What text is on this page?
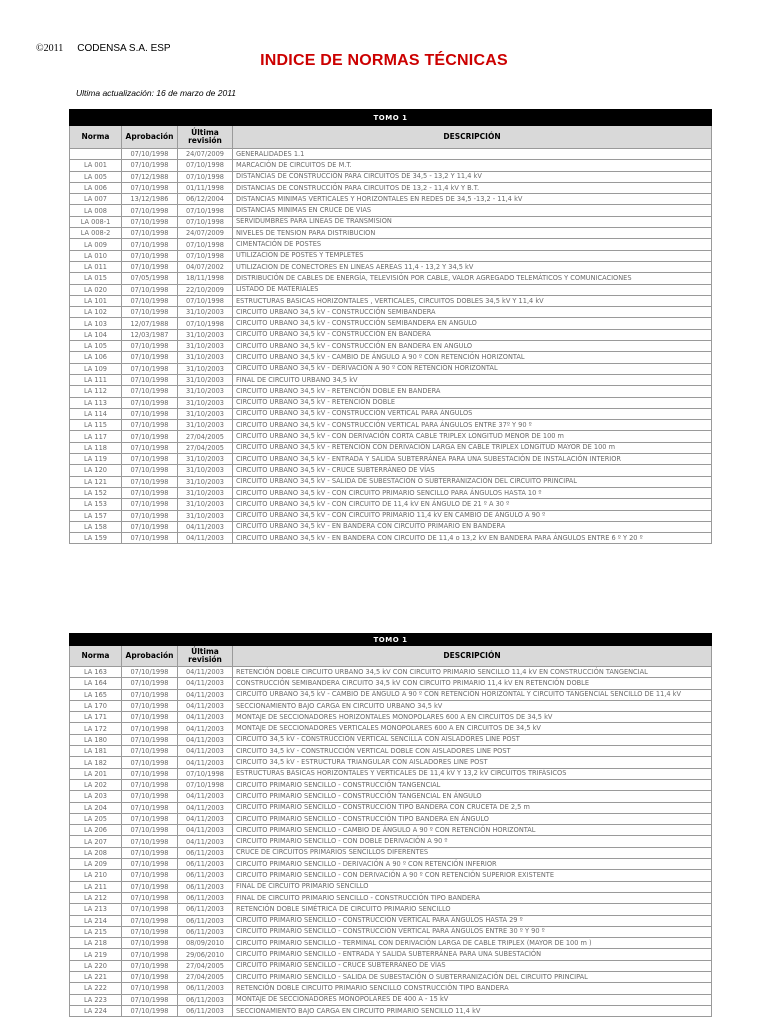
©2011 CODENSA S.A. ESP
INDICE DE NORMAS TÉCNICAS
Ultima actualización: 16 de marzo de 2011
TOMO 1			
Norma	Aprobación	Última revisión	DESCRIPCIÓN
	07/10/1998	24/07/2009	GENERALIDADES 1.1
LA 001	07/10/1998	07/10/1998	MARCACIÓN DE CIRCUITOS DE M.T.
LA 005	07/12/1988	07/10/1998	DISTANCIAS DE CONSTRUCCIÓN PARA CIRCUITOS DE 34,5 - 13,2 Y 11,4 kV
LA 006	07/10/1998	01/11/1998	DISTANCIAS DE CONSTRUCCIÓN PARA CIRCUITOS DE 13,2 - 11,4 kV Y B.T.
LA 007	13/12/1986	06/12/2004	DISTANCIAS MINIMAS VERTICALES Y HORIZONTALES EN REDES DE 34,5 -13,2 - 11,4 kV
LA 008	07/10/1998	07/10/1998	DISTANCIAS MINIMAS EN CRUCE DE VIAS
LA 008-1	07/10/1998	07/10/1998	SERVIDUMBRES PARA LINEAS DE TRANSMISION
LA 008-2	07/10/1998	24/07/2009	NIVELES DE TENSION PARA DISTRIBUCION
LA 009	07/10/1998	07/10/1998	CIMENTACIÓN DE POSTES
LA 010	07/10/1998	07/10/1998	UTILIZACION DE POSTES Y TEMPLETES
LA 011	07/10/1998	04/07/2002	UTILIZACION DE CONECTORES EN LINEAS AEREAS 11,4 - 13,2 Y 34,5 kV
LA 015	07/05/1998	18/11/1998	DISTRIBUCIÓN DE CABLES DE ENERGÍA, TELEVISIÓN POR CABLE, VALOR AGREGADO TELEMÁTICOS Y COMUNICACIONES
LA 020	07/10/1998	22/10/2009	LISTADO DE MATERIALES
LA 101	07/10/1998	07/10/1998	ESTRUCTURAS BASICAS HORIZONTALES , VERTICALES, CIRCUITOS DOBLES 34,5 kV Y 11,4 kV
LA 102	07/10/1998	31/10/2003	CIRCUITO URBANO 34,5 kV - CONSTRUCCIÓN SEMIBANDERA
LA 103	12/07/1988	07/10/1998	CIRCUITO URBANO 34,5 kV - CONSTRUCCIÓN SEMIBANDERA EN ANGULO
LA 104	12/03/1987	31/10/2003	CIRCUITO URBANO 34,5 kV - CONSTRUCCIÓN EN BANDERA
LA 105	07/10/1998	31/10/2003	CIRCUITO URBANO 34,5 kV - CONSTRUCCIÓN EN BANDERA EN ANGULO
LA 106	07/10/1998	31/10/2003	CIRCUITO URBANO 34,5 kV - CAMBIO DE ÁNGULO A 90 º CON RETENCIÓN HORIZONTAL
LA 109	07/10/1998	31/10/2003	CIRCUITO URBANO 34,5 kV - DERIVACIÓN A 90 º CON RETENCIÓN HORIZONTAL
LA 111	07/10/1998	31/10/2003	FINAL DE CIRCUITO URBANO 34,5 kV
LA 112	07/10/1998	31/10/2003	CIRCUITO URBANO 34,5 kV - RETENCIÓN DOBLE EN BANDERA
LA 113	07/10/1998	31/10/2003	CIRCUITO URBANO 34,5 kV - RETENCIÓN DOBLE
LA 114	07/10/1998	31/10/2003	CIRCUITO URBANO 34,5 kV - CONSTRUCCIÓN VERTICAL PARA ÁNGULOS
LA 115	07/10/1998	31/10/2003	CIRCUITO URBANO 34,5 kV - CONSTRUCCIÓN VERTICAL PARA ÁNGULOS ENTRE 37º Y 90 º
LA 117	07/10/1998	27/04/2005	CIRCUITO URBANO 34,5 kV - CON DERIVACIÓN CORTA CABLE TRIPLEX LONGITUD MENOR DE 100 m
LA 118	07/10/1998	27/04/2005	CIRCUITO URBANO 34,5 kV - RETENCIÓN CON DERIVACIÓN LARGA EN CABLE TRIPLEX LONGITUD MAYOR DE 100 m
LA 119	07/10/1998	31/10/2003	CIRCUITO URBANO 34,5 kV - ENTRADA Y SALIDA SUBTERRÁNEA PARA UNA SUBESTACIÓN DE INSTALACIÓN INTERIOR
LA 120	07/10/1998	31/10/2003	CIRCUITO URBANO 34,5 kV - CRUCE SUBTERRÁNEO DE VÍAS
LA 121	07/10/1998	31/10/2003	CIRCUITO URBANO 34,5 kV - SALIDA DE SUBESTACIÓN O SUBTERRANIZACIÓN DEL CIRCUITO PRINCIPAL
LA 152	07/10/1998	31/10/2003	CIRCUITO URBANO 34,5 kV - CON CIRCUITO PRIMARIO SENCILLO PARA ÁNGULOS HASTA 10 º
LA 153	07/10/1998	31/10/2003	CIRCUITO URBANO 34,5 kV - CON CIRCUITO DE 11,4 kV EN ÁNGULO DE 21 º A 30 º
LA 157	07/10/1998	31/10/2003	CIRCUITO URBANO 34,5 kV - CON CIRCUITO PRIMARIO 11,4 kV EN CAMBIO DE ÁNGULO A 90 º
LA 158	07/10/1998	04/11/2003	CIRCUITO URBANO 34,5 kV - EN BANDERA CON CIRCUITO PRIMARIO EN BANDERA
LA 159	07/10/1998	04/11/2003	CIRCUITO URBANO 34,5 kV - EN BANDERA CON CIRCUITO DE 11,4 o 13,2 kV EN BANDERA PARA ÁNGULOS ENTRE 6 º Y 20 º
TOMO 1			
Norma	Aprobación	Última revisión	DESCRIPCIÓN
LA 163	07/10/1998	04/11/2003	RETENCIÓN DOBLE CIRCUITO URBANO 34,5 kV CON CIRCUITO PRIMARIO SENCILLO 11,4 kV EN CONSTRUCCIÓN TANGENCIAL
LA 164	07/10/1998	04/11/2003	CONSTRUCCIÓN SEMIBANDERA CIRCUITO 34,5 kV CON CIRCUITO PRIMARIO 11,4 kV EN RETENCIÓN DOBLE
LA 165	07/10/1998	04/11/2003	CIRCUITO URBANO 34,5 kV - CAMBIO DE ÁNGULO A 90 º CON RETENCIÓN HORIZONTAL Y CIRCUITO TANGENCIAL SENCILLO DE 11,4 kV
LA 170	07/10/1998	04/11/2003	SECCIONAMIENTO BAJO CARGA EN CIRCUITO URBANO 34,5 kV
LA 171	07/10/1998	04/11/2003	MONTAJE DE SECCIONADORES HORIZONTALES MONOPOLARES 600 A EN CIRCUITOS DE 34,5 kV
LA 172	07/10/1998	04/11/2003	MONTAJE DE SECCIONADORES VERTICALES MONOPOLARES 600 A EN CIRCUITOS DE 34,5 kV
LA 180	07/10/1998	04/11/2003	CIRCUITO 34,5 kV - CONSTRUCCIÓN VERTICAL SENCILLA CON AISLADORES LINE POST
LA 181	07/10/1998	04/11/2003	CIRCUITO 34,5 kV - CONSTRUCCIÓN VERTICAL DOBLE CON AISLADORES LINE POST
LA 182	07/10/1998	04/11/2003	CIRCUITO 34,5 kV - ESTRUCTURA TRIANGULAR CON AISLADORES LINE POST
LA 201	07/10/1998	07/10/1998	ESTRUCTURAS BÁSICAS HORIZONTALES Y VERTICALES DE 11,4 kV Y 13,2 kV CIRCUITOS TRIFÁSICOS
LA 202	07/10/1998	07/10/1998	CIRCUITO PRIMARIO SENCILLO - CONSTRUCCIÓN TANGENCIAL
LA 203	07/10/1998	04/11/2003	CIRCUITO PRIMARIO SENCILLO - CONSTRUCCIÓN TANGENCIAL EN ÁNGULO
LA 204	07/10/1998	04/11/2003	CIRCUITO PRIMARIO SENCILLO - CONSTRUCCIÓN TIPO BANDERA CON CRUCETA DE 2,5 m
LA 205	07/10/1998	04/11/2003	CIRCUITO PRIMARIO SENCILLO - CONSTRUCCIÓN TIPO BANDERA EN ÁNGULO
LA 206	07/10/1998	04/11/2003	CIRCUITO PRIMARIO SENCILLO - CAMBIO DE ÁNGULO A 90 º CON RETENCIÓN HORIZONTAL
LA 207	07/10/1998	04/11/2003	CIRCUITO PRIMARIO SENCILLO - CON DOBLE DERIVACIÓN A 90 º
LA 208	07/10/1998	06/11/2003	CRUCE DE CIRCUITOS PRIMARIOS SENCILLOS DIFERENTES
LA 209	07/10/1998	06/11/2003	CIRCUITO PRIMARIO SENCILLO - DERIVACIÓN A 90 º CON RETENCIÓN INFERIOR
LA 210	07/10/1998	06/11/2003	CIRCUITO PRIMARIO SENCILLO - CON DERIVACIÓN A 90 º CON RETENCIÓN SUPERIOR EXISTENTE
LA 211	07/10/1998	06/11/2003	FINAL DE CIRCUITO PRIMARIO SENCILLO
LA 212	07/10/1998	06/11/2003	FINAL DE CIRCUITO PRIMARIO SENCILLO - CONSTRUCCIÓN TIPO BANDERA
LA 213	07/10/1998	06/11/2003	RETENCIÓN DOBLE SIMÉTRICA DE CIRCUITO PRIMARIO SENCILLO
LA 214	07/10/1998	06/11/2003	CIRCUITO PRIMARIO SENCILLO - CONSTRUCCIÓN VERTICAL PARA ÁNGULOS HASTA 29 º
LA 215	07/10/1998	06/11/2003	CIRCUITO PRIMARIO SENCILLO - CONSTRUCCIÓN VERTICAL PARA ÁNGULOS ENTRE 30 º Y 90 º
LA 218	07/10/1998	08/09/2010	CIRCUITO PRIMARIO SENCILLO - TERMINAL CON DERIVACIÓN LARGA DE CABLE TRIPLEX (MAYOR DE 100 m )
LA 219	07/10/1998	29/06/2010	CIRCUITO PRIMARIO SENCILLO - ENTRADA Y SALIDA SUBTERRÁNEA PARA UNA SUBESTACIÓN
LA 220	07/10/1998	27/04/2005	CIRCUITO PRIMARIO SENCILLO - CRUCE SUBTERRÁNEO DE VÍAS
LA 221	07/10/1998	27/04/2005	CIRCUITO PRIMARIO SENCILLO - SALIDA DE SUBESTACIÓN O SUBTERRANIZACIÓN DEL CIRCUITO PRINCIPAL
LA 222	07/10/1998	06/11/2003	RETENCIÓN DOBLE CIRCUITO PRIMARIO SENCILLO CONSTRUCCIÓN TIPO BANDERA
LA 223	07/10/1998	06/11/2003	MONTAJE DE SECCIONADORES MONOPOLARES DE 400 A - 15 kV
LA 224	07/10/1998	06/11/2003	SECCIONAMIENTO BAJO CARGA EN CIRCUITO PRIMARIO SENCILLO 11,4 kV
